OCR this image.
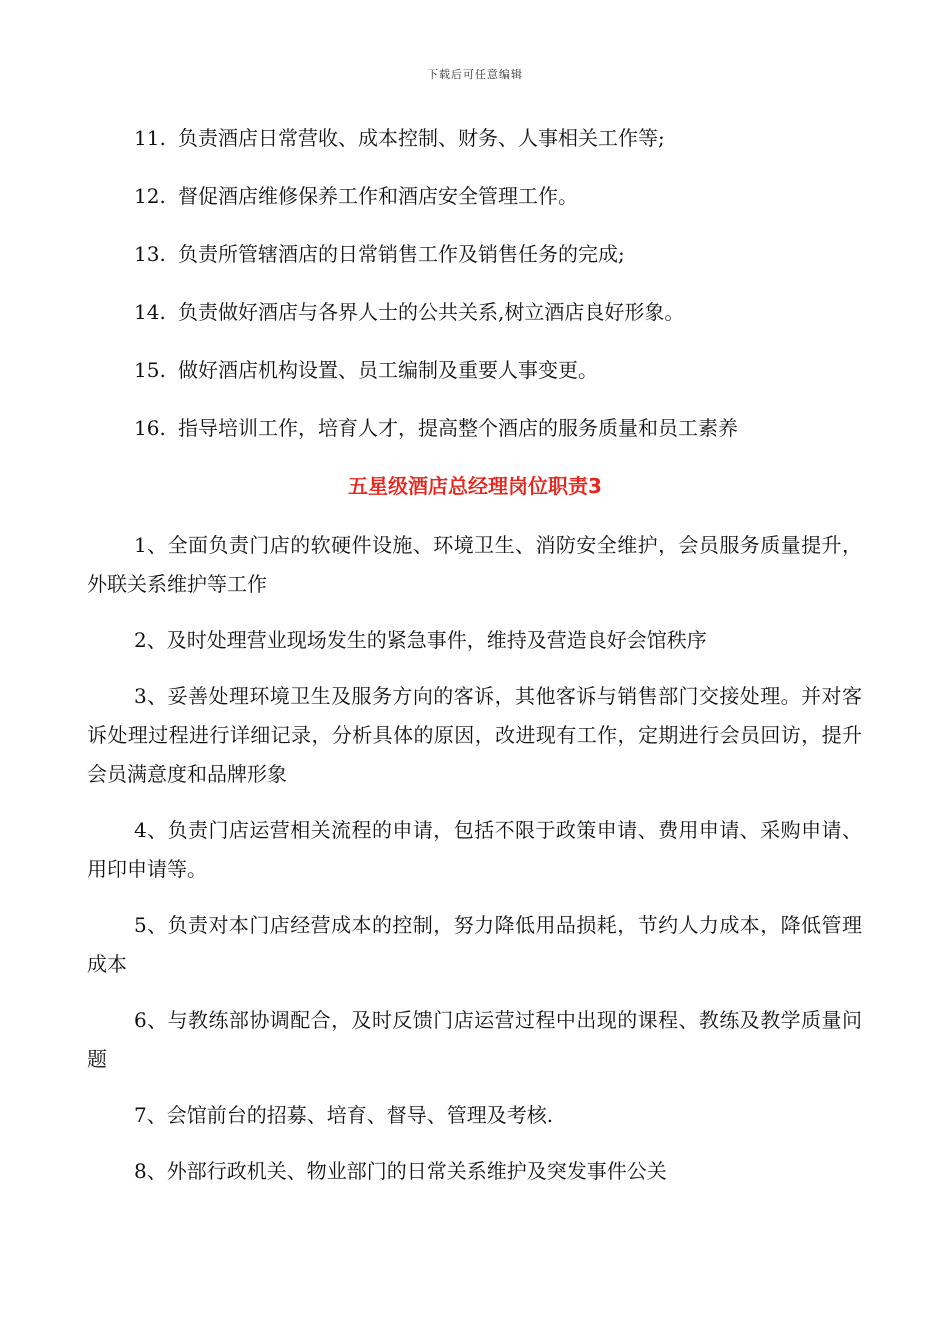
下载后可任意编辑
11. 负责酒店日常营收、成本控制、财务、人事相关工作等;
12. 督促酒店维修保养工作和酒店安全管理工作。
13. 负责所管辖酒店的日常销售工作及销售任务的完成;
14. 负责做好酒店与各界人士的公共关系,树立酒店良好形象。
15. 做好酒店机构设置、员工编制及重要人事变更。
16. 指导培训工作，培育人才，提高整个酒店的服务质量和员工素养
五星级酒店总经理岗位职责3

1、全面负责门店的软硬件设施、环境卫生、消防安全维护，会员服务质量提升，外联关系维护等工作

2、及时处理营业现场发生的紧急事件，维持及营造良好会馆秩序

3、妥善处理环境卫生及服务方向的客诉，其他客诉与销售部门交接处理。并对客诉处理过程进行详细记录，分析具体的原因，改进现有工作，定期进行会员回访，提升会员满意度和品牌形象

4、负责门店运营相关流程的申请，包括不限于政策申请、费用申请、采购申请、用印申请等。

5、负责对本门店经营成本的控制，努力降低用品损耗，节约人力成本，降低管理成本

6、与教练部协调配合，及时反馈门店运营过程中出现的课程、教练及教学质量问题

7、会馆前台的招募、培育、督导、管理及考核.

8、外部行政机关、物业部门的日常关系维护及突发事件公关
